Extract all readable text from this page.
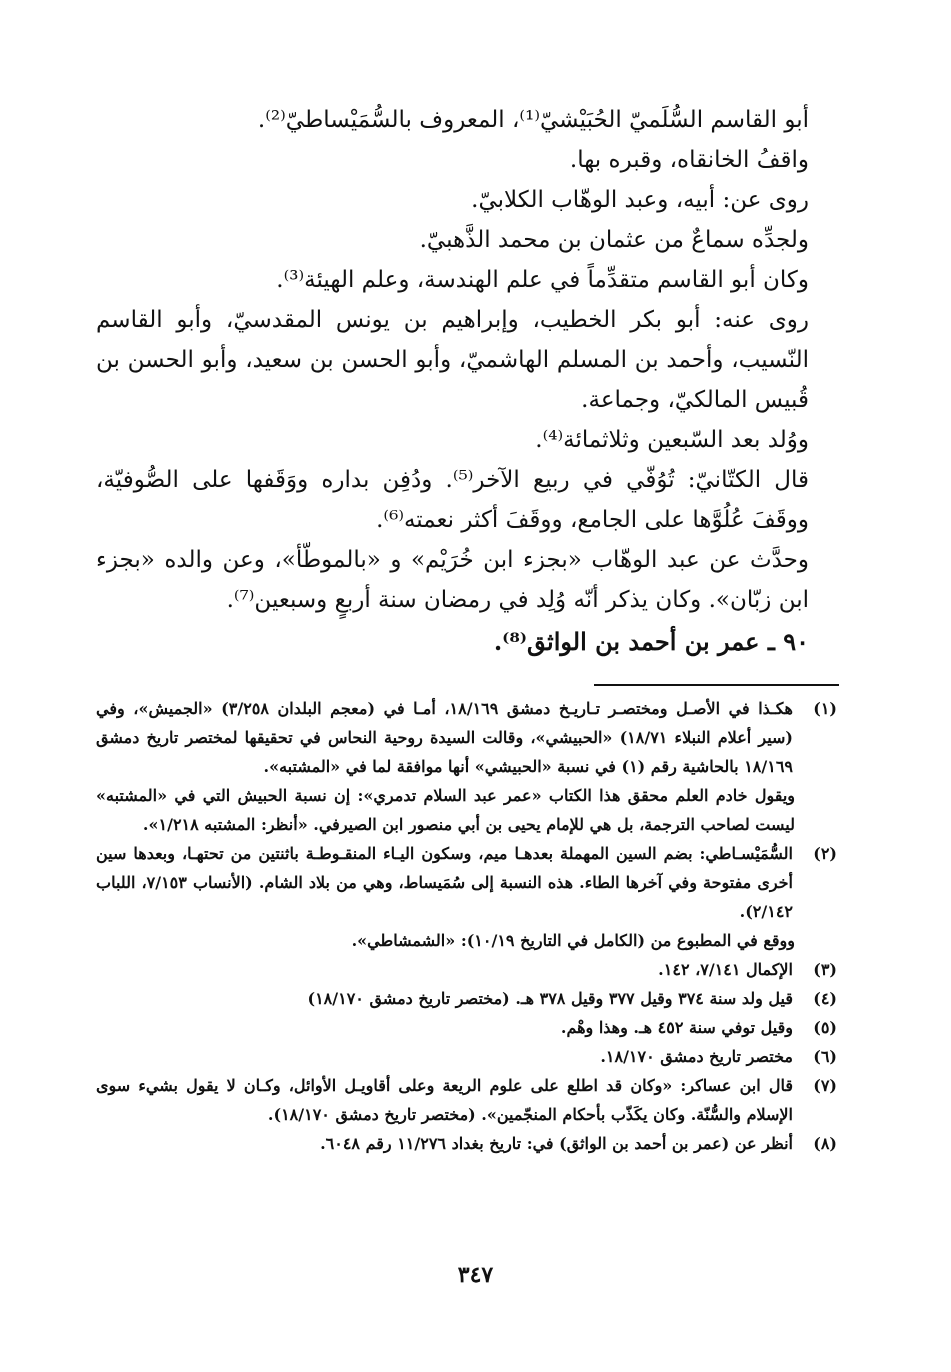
أبو القاسم السُّلَميّ الحُبَيْشيّ⁽¹⁾، المعروف بالسُّمَيْساطيّ⁽²⁾.

واقفُ الخانقاه، وقبره بها.

روى عن: أبيه، وعبد الوهّاب الكلابيّ.

ولجدِّه سماعٌ من عثمان بن محمد الذَّهبيّ.

وكان أبو القاسم متقدِّماً في علم الهندسة، وعلم الهيئة⁽³⁾.

روى عنه: أبو بكر الخطيب، وإبراهيم بن يونس المقدسيّ، وأبو القاسم النّسيب، وأحمد بن المسلم الهاشميّ، وأبو الحسن بن سعيد، وأبو الحسن بن قُبيس المالكيّ، وجماعة.

ووُلد بعد السّبعين وثلاثمائة⁽⁴⁾.

قال الكتّانيّ: تُوُفّي في ربيع الآخر⁽⁵⁾. ودُفِن بداره ووَقَفها على الصُّوفيّة، ووقَفَ عُلُوَّها على الجامع، ووقَفَ أكثر نعمته⁽⁶⁾.

وحدَّث عن عبد الوهّاب «بجزء ابن خُرَيْم» و «بالموطّأ»، وعن والده «بجزء ابن زبّان». وكان يذكر أنّه وُلِد في رمضان سنة أربعٍ وسبعين⁽⁷⁾.

٩٠ ـ عمر بن أحمد بن الواثق⁽⁸⁾.
(١)
هكـذا في الأصـل ومختصـر تـاريـخ دمشق ١٨/١٦٩، أمـا في (معجم البلدان ٣/٢٥٨) «الجميش»، وفي (سير أعلام النبلاء ١٨/٧١) «الحبيشي»، وقالت السيدة روحية النحاس في تحقيقها لمختصر تاريخ دمشق ١٨/١٦٩ بالحاشية رقم (١) في نسبة «الحبيشي» أنها موافقة لما في «المشتبه».
ويقول خادم العلم محقق هذا الكتاب «عمر عبد السلام تدمري»: إن نسبة الحبيش التي في «المشتبه» ليست لصاحب الترجمة، بل هي للإمام يحيى بن أبي منصور ابن الصيرفي. «أنظر: المشتبه ١/٢١٨».
(٢)
السُّمَيْسـاطي: بضم السين المهملة بعدهـا ميم، وسكون اليـاء المنقـوطـة باثنتين من تحتهـا، وبعدها سين أخرى مفتوحة وفي آخرها الطاء. هذه النسبة إلى سُمَيساط، وهي من بلاد الشام. (الأنساب ٧/١٥٣، اللباب ٢/١٤٢).
ووقع في المطبوع من (الكامل في التاريخ ١٠/١٩): «الشمشاطي».
(٣)
الإكمال ٧/١٤١، ١٤٢.
(٤)
قيل ولد سنة ٣٧٤ وقيل ٣٧٧ وقيل ٣٧٨ هـ. (مختصر تاريخ دمشق ١٨/١٧٠)
(٥)
وقيل توفي سنة ٤٥٢ هـ. وهذا وهْم.
(٦)
مختصر تاريخ دمشق ١٨/١٧٠.
(٧)
قال ابن عساكر: «وكان قد اطلع على علوم الريعة وعلى أقاويـل الأوائل، وكـان لا يقول بشيء سوى الإسلام والسُّنّة. وكان يكَذّب بأحكام المنجّمين». (مختصر تاريخ دمشق ١٨/١٧٠).
(٨)
أنظر عن (عمر بن أحمد بن الواثق) في: تاريخ بغداد ١١/٢٧٦ رقم ٦٠٤٨.
٣٤٧
